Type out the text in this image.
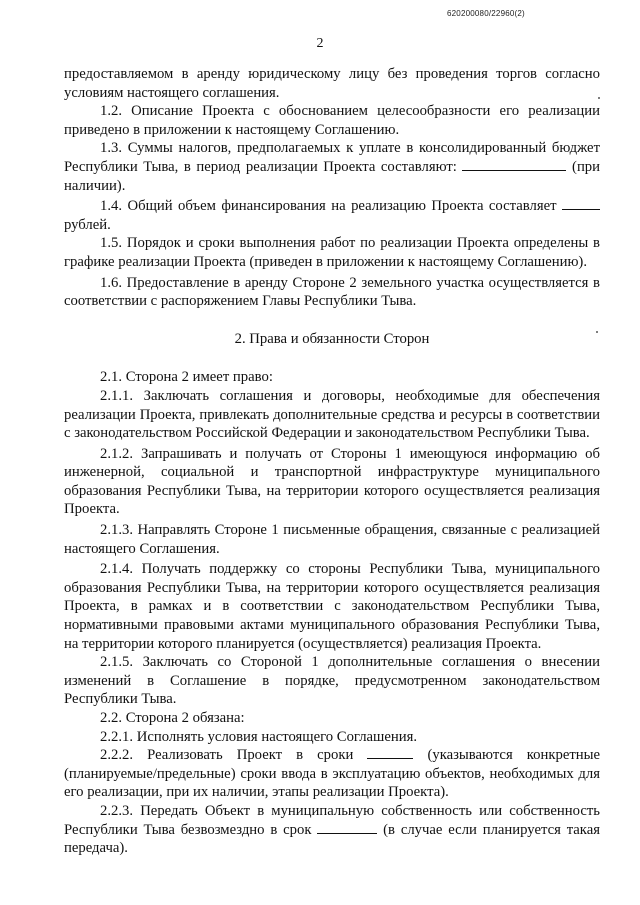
620200080/22960(2)
2

предоставляемом в аренду юридическому лицу без проведения торгов согласно условиям настоящего соглашения.

1.2. Описание Проекта с обоснованием целесообразности его реализации приведено в приложении к настоящему Соглашению.

1.3. Суммы налогов, предполагаемых к уплате в консолидированный бюджет Республики Тыва, в период реализации Проекта составляют:	(при наличии).

1.4. Общий объем финансирования на реализацию Проекта составляет  рублей.

1.5. Порядок и сроки выполнения работ по реализации Проекта определены в графике реализации Проекта (приведен в приложении к настоящему Соглашению).

1.6. Предоставление в аренду Стороне 2 земельного участка осуществляется в соответствии с распоряжением Главы Республики Тыва.

2. Права и обязанности Сторон

2.1. Сторона 2 имеет право:

2.1.1. Заключать соглашения и договоры, необходимые для обеспечения реализации Проекта, привлекать дополнительные средства и ресурсы в соответствии с законодательством Российской Федерации и законодательством Республики Тыва.

2.1.2. Запрашивать и получать от Стороны 1 имеющуюся информацию об инженерной, социальной и транспортной инфраструктуре муниципального образования Республики Тыва, на территории которого осуществляется реализация Проекта.

2.1.3. Направлять Стороне 1 письменные обращения, связанные с реализацией настоящего Соглашения.

2.1.4. Получать поддержку со стороны Республики Тыва, муниципального образования Республики Тыва, на территории которого осуществляется реализация Проекта, в рамках и в соответствии с законодательством Республики Тыва, нормативными правовыми актами муниципального образования Республики Тыва, на территории которого планируется (осуществляется) реализация Проекта.

2.1.5. Заключать со Стороной 1 дополнительные соглашения о внесении изменений в Соглашение в порядке, предусмотренном законодательством Республики Тыва.

2.2. Сторона 2 обязана:

2.2.1. Исполнять условия настоящего Соглашения.

2.2.2. Реализовать Проект в сроки	(указываются конкретные (планируемые/предельные) сроки ввода в эксплуатацию объектов, необходимых для его реализации, при их наличии, этапы реализации Проекта).

2.2.3. Передать Объект в муниципальную собственность или собственность Республики Тыва безвозмездно в срок	(в случае если планируется такая передача).
